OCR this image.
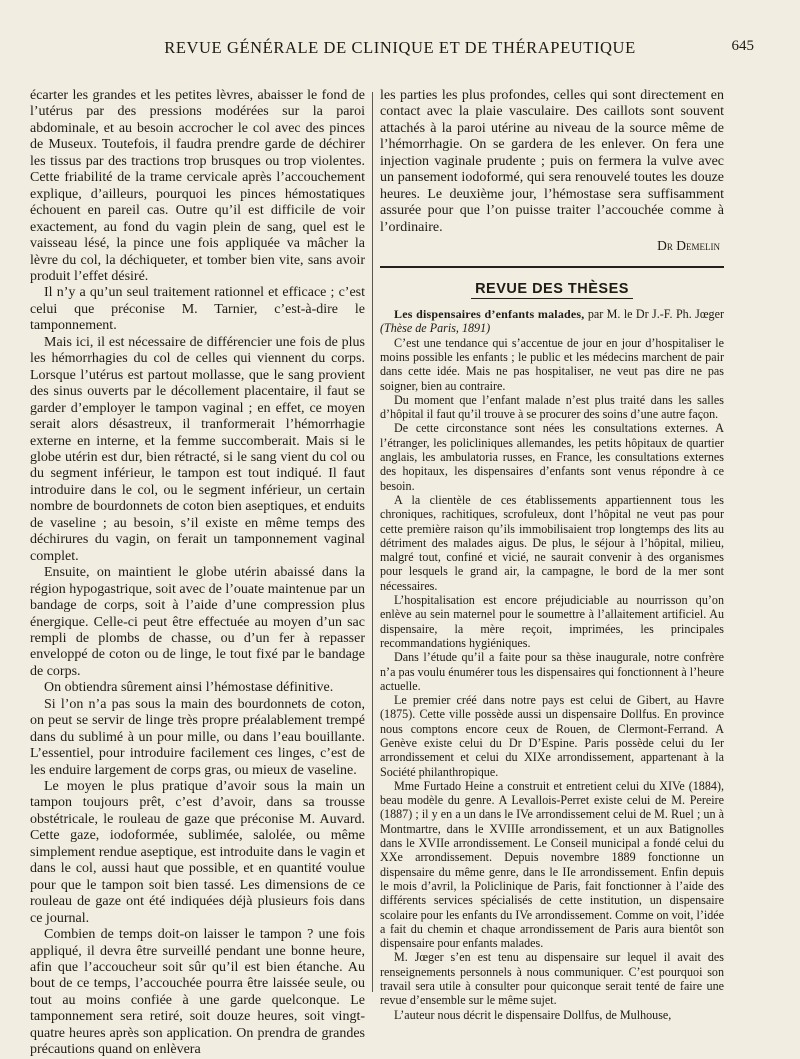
REVUE GÉNÉRALE DE CLINIQUE ET DE THÉRAPEUTIQUE	645

écarter les grandes et les petites lèvres, abaisser le fond de l’utérus par des pressions modérées sur la paroi abdominale, et au besoin accrocher le col avec des pinces de Museux. Toutefois, il faudra prendre garde de déchirer les tissus par des tractions trop brusques ou trop violentes. Cette friabilité de la trame cervicale après l’accouchement explique, d’ailleurs, pourquoi les pinces hémostatiques échouent en pareil cas. Outre qu’il est difficile de voir exactement, au fond du vagin plein de sang, quel est le vaisseau lésé, la pince une fois appliquée va mâcher la lèvre du col, la déchiqueter, et tomber bien vite, sans avoir produit l’effet désiré.

Il n’y a qu’un seul traitement rationnel et efficace ; c’est celui que préconise M. Tarnier, c’est-à-dire le tamponnement.

Mais ici, il est nécessaire de différencier une fois de plus les hémorrhagies du col de celles qui viennent du corps. Lorsque l’utérus est partout mollasse, que le sang provient des sinus ouverts par le décollement placentaire, il faut se garder d’employer le tampon vaginal ; en effet, ce moyen serait alors désastreux, il tranformerait l’hémorrhagie externe en interne, et la femme succomberait. Mais si le globe utérin est dur, bien rétracté, si le sang vient du col ou du segment inférieur, le tampon est tout indiqué. Il faut introduire dans le col, ou le segment inférieur, un certain nombre de bourdonnets de coton bien aseptiques, et enduits de vaseline ; au besoin, s’il existe en même temps des déchirures du vagin, on ferait un tamponnement vaginal complet.

Ensuite, on maintient le globe utérin abaissé dans la région hypogastrique, soit avec de l’ouate maintenue par un bandage de corps, soit à l’aide d’une compression plus énergique. Celle-ci peut être effectuée au moyen d’un sac rempli de plombs de chasse, ou d’un fer à repasser enveloppé de coton ou de linge, le tout fixé par le bandage de corps.

On obtiendra sûrement ainsi l’hémostase définitive.

Si l’on n’a pas sous la main des bourdonnets de coton, on peut se servir de linge très propre préalablement trempé dans du sublimé à un pour mille, ou dans l’eau bouillante. L’essentiel, pour introduire facilement ces linges, c’est de les enduire largement de corps gras, ou mieux de vaseline.

Le moyen le plus pratique d’avoir sous la main un tampon toujours prêt, c’est d’avoir, dans sa trousse obstétricale, le rouleau de gaze que préconise M. Auvard. Cette gaze, iodoformée, sublimée, salolée, ou même simplement rendue aseptique, est introduite dans le vagin et dans le col, aussi haut que possible, et en quantité voulue pour que le tampon soit bien tassé. Les dimensions de ce rouleau de gaze ont été indiquées déjà plusieurs fois dans ce journal.

Combien de temps doit-on laisser le tampon ? une fois appliqué, il devra être surveillé pendant une bonne heure, afin que l’accoucheur soit sûr qu’il est bien étanche. Au bout de ce temps, l’accouchée pourra être laissée seule, ou tout au moins confiée à une garde quelconque. Le tamponnement sera retiré, soit douze heures, soit vingt-quatre heures après son application. On prendra de grandes précautions quand on enlèvera

les parties les plus profondes, celles qui sont directement en contact avec la plaie vasculaire. Des caillots sont souvent attachés à la paroi utérine au niveau de la source même de l’hémorrhagie. On se gardera de les enlever. On fera une injection vaginale prudente ; puis on fermera la vulve avec un pansement iodoformé, qui sera renouvelé toutes les douze heures. Le deuxième jour, l’hémostase sera suffisamment assurée pour que l’on puisse traiter l’accouchée comme à l’ordinaire.

Dr Demelin
REVUE DES THÈSES

Les dispensaires d’enfants malades, par M. le Dr J.-F. Ph. Jœger (Thèse de Paris, 1891)

C’est une tendance qui s’accentue de jour en jour d’hospitaliser le moins possible les enfants ; le public et les médecins marchent de pair dans cette idée. Mais ne pas hospitaliser, ne veut pas dire ne pas soigner, bien au contraire.

Du moment que l’enfant malade n’est plus traité dans les salles d’hôpital il faut qu’il trouve à se procurer des soins d’une autre façon.

De cette circonstance sont nées les consultations externes. A l’étranger, les policliniques allemandes, les petits hôpitaux de quartier anglais, les ambulatoria russes, en France, les consultations externes des hopitaux, les dispensaires d’enfants sont venus répondre à ce besoin.

A la clientèle de ces établissements appartiennent tous les chroniques, rachitiques, scrofuleux, dont l’hôpital ne veut pas pour cette première raison qu’ils immobilisaient trop longtemps des lits au détriment des malades aigus. De plus, le séjour à l’hôpital, milieu, malgré tout, confiné et vicié, ne saurait convenir à des organismes pour lesquels le grand air, la campagne, le bord de la mer sont nécessaires.

L’hospitalisation est encore préjudiciable au nourrisson qu’on enlève au sein maternel pour le soumettre à l’allaitement artificiel. Au dispensaire, la mère reçoit, imprimées, les principales recommandations hygiéniques.

Dans l’étude qu’il a faite pour sa thèse inaugurale, notre confrère n’a pas voulu énumérer tous les dispensaires qui fonctionnent à l’heure actuelle.

Le premier créé dans notre pays est celui de Gibert, au Havre (1875). Cette ville possède aussi un dispensaire Dollfus. En province nous comptons encore ceux de Rouen, de Clermont-Ferrand. A Genève existe celui du Dr D’Espine. Paris possède celui du Ier arrondissement et celui du XIXe arrondissement, appartenant à la Société philanthropique.

Mme Furtado Heine a construit et entretient celui du XIVe (1884), beau modèle du genre. A Levallois-Perret existe celui de M. Pereire (1887) ; il y en a un dans le IVe arrondissement celui de M. Ruel ; un à Montmartre, dans le XVIIIe arrondissement, et un aux Batignolles dans le XVIIe arrondissement. Le Conseil municipal a fondé celui du XXe arrondissement. Depuis novembre 1889 fonctionne un dispensaire du même genre, dans le IIe arrondissement. Enfin depuis le mois d’avril, la Policlinique de Paris, fait fonctionner à l’aide des différents services spécialisés de cette institution, un dispensaire scolaire pour les enfants du IVe arrondissement. Comme on voit, l’idée a fait du chemin et chaque arrondissement de Paris aura bientôt son dispensaire pour enfants malades.

M. Jœger s’en est tenu au dispensaire sur lequel il avait des renseignements personnels à nous communiquer. C’est pourquoi son travail sera utile à consulter pour quiconque serait tenté de faire une revue d’ensemble sur le même sujet.

L’auteur nous décrit le dispensaire Dollfus, de Mulhouse,
